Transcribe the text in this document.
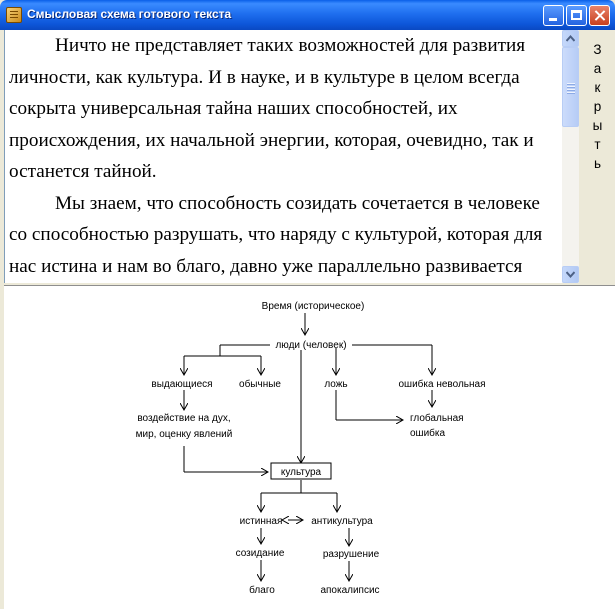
Смысловая схема готового текста

Ничто не представляет таких возможностей для развития
личности, как культура. И в науке, и в культуре в целом всегда
сокрыта универсальная тайна наших способностей, их
происхождения, их начальной энергии, которая, очевидно, так и
останется тайной.

Мы знаем, что способность созидать сочетается в человеке
со способностью разрушать, что наряду с культурой, которая для
нас истина и нам во благо, давно уже параллельно развивается

З
а
к
р
ы
т
ь
Время (историческое)
люди (человек)
выдающиеся	обычные	ложь	ошибка невольная
воздействие на дух,
мир, оценку явлений
глобальная
ошибка
культура
истинная	антикультура
созидание	разрушение
благо	апокалипсис
